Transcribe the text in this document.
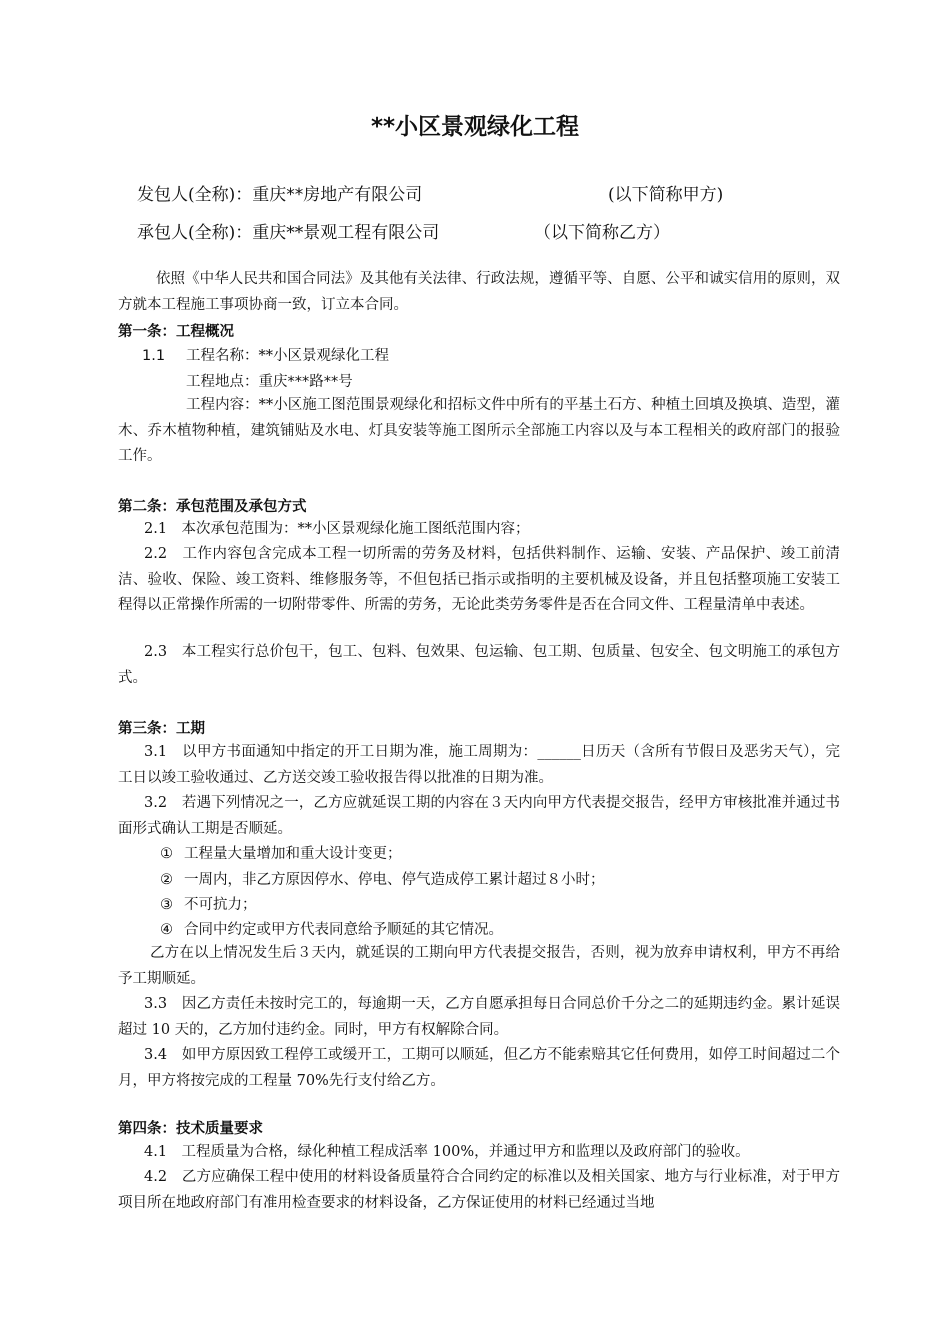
**小区景观绿化工程
发包人(全称)：重庆**房地产有限公司	(以下简称甲方)
承包人(全称)：重庆**景观工程有限公司	（以下简称乙方）
依照《中华人民共和国合同法》及其他有关法律、行政法规，遵循平等、自愿、公平和诚实信用的原则，双方就本工程施工事项协商一致，订立本合同。
第一条：工程概况
1.1 工程名称：**小区景观绿化工程
工程地点：重庆***路**号
工程内容：**小区施工图范围景观绿化和招标文件中所有的平基土石方、种植土回填及换填、造型，灌木、乔木植物种植，建筑铺贴及水电、灯具安装等施工图所示全部施工内容以及与本工程相关的政府部门的报验工作。
第二条：承包范围及承包方式
2.1　本次承包范围为：**小区景观绿化施工图纸范围内容；
2.2　工作内容包含完成本工程一切所需的劳务及材料，包括供料制作、运输、安装、产品保护、竣工前清洁、验收、保险、竣工资料、维修服务等，不但包括已指示或指明的主要机械及设备，并且包括整项施工安装工程得以正常操作所需的一切附带零件、所需的劳务，无论此类劳务零件是否在合同文件、工程量清单中表述。
2.3　本工程实行总价包干，包工、包料、包效果、包运输、包工期、包质量、包安全、包文明施工的承包方式。
第三条：工期
3.1　以甲方书面通知中指定的开工日期为准，施工周期为：______日历天（含所有节假日及恶劣天气），完工日以竣工验收通过、乙方送交竣工验收报告得以批准的日期为准。
3.2　若遇下列情况之一，乙方应就延误工期的内容在３天内向甲方代表提交报告，经甲方审核批准并通过书面形式确认工期是否顺延。
① 工程量大量增加和重大设计变更；
② 一周内，非乙方原因停水、停电、停气造成停工累计超过８小时；
③ 不可抗力；
④ 合同中约定或甲方代表同意给予顺延的其它情况。
乙方在以上情况发生后３天内，就延误的工期向甲方代表提交报告，否则，视为放弃申请权利，甲方不再给予工期顺延。
3.3　因乙方责任未按时完工的，每逾期一天，乙方自愿承担每日合同总价千分之二的延期违约金。累计延误超过 10 天的，乙方加付违约金。同时，甲方有权解除合同。
3.4　如甲方原因致工程停工或缓开工，工期可以顺延，但乙方不能索赔其它任何费用，如停工时间超过二个月，甲方将按完成的工程量 70%先行支付给乙方。
第四条：技术质量要求
4.1　工程质量为合格，绿化种植工程成活率 100%，并通过甲方和监理以及政府部门的验收。
4.2　乙方应确保工程中使用的材料设备质量符合合同约定的标准以及相关国家、地方与行业标准，对于甲方项目所在地政府部门有准用检查要求的材料设备，乙方保证使用的材料已经通过当地
